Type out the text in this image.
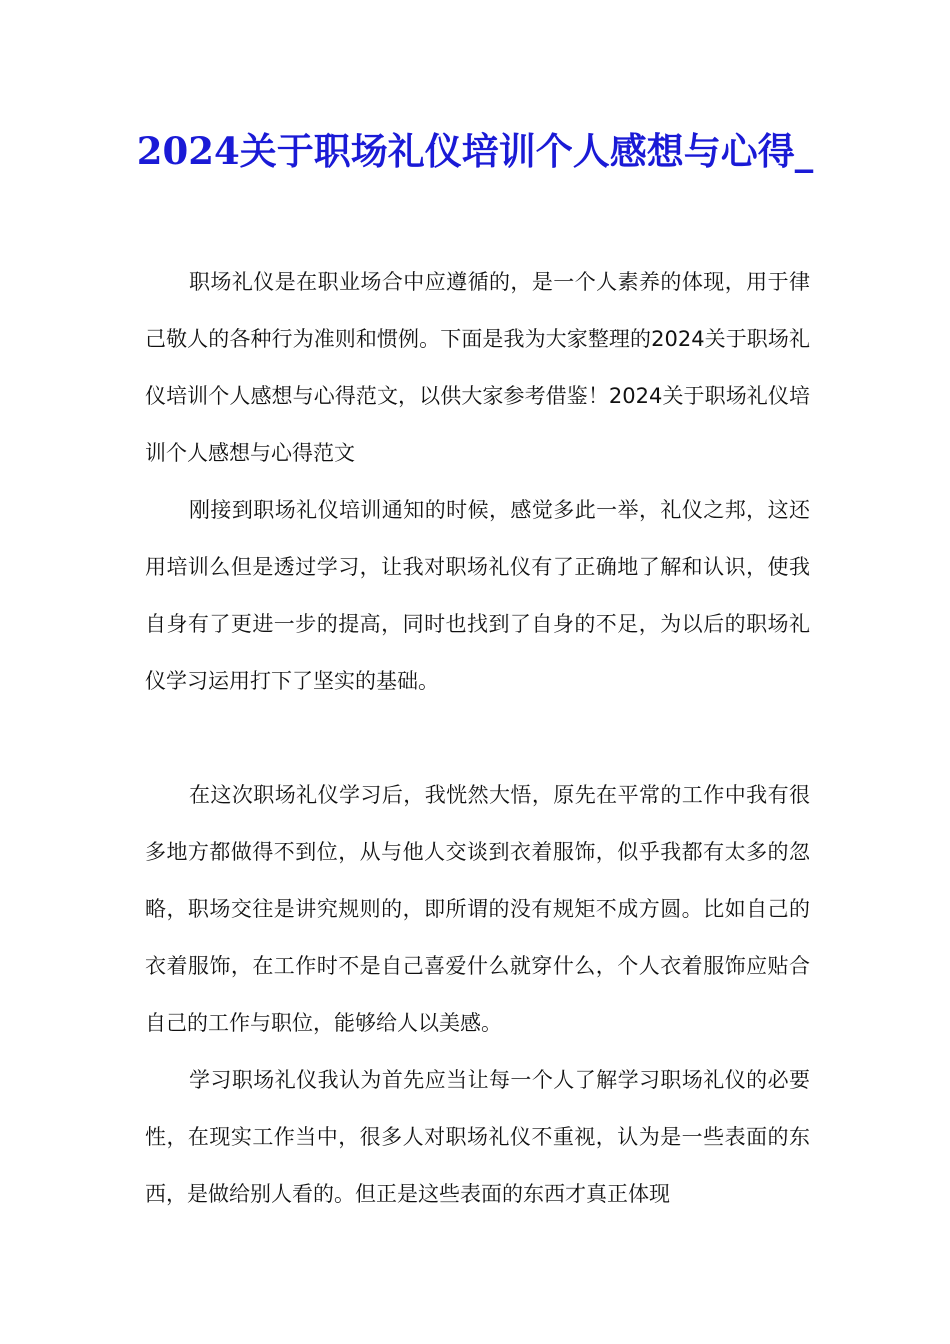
2024关于职场礼仪培训个人感想与心得_

职场礼仪是在职业场合中应遵循的，是一个人素养的体现，用于律己敬人的各种行为准则和惯例。下面是我为大家整理的2024关于职场礼仪培训个人感想与心得范文，以供大家参考借鉴！2024关于职场礼仪培训个人感想与心得范文

刚接到职场礼仪培训通知的时候，感觉多此一举，礼仪之邦，这还用培训么但是透过学习，让我对职场礼仪有了正确地了解和认识，使我自身有了更进一步的提高，同时也找到了自身的不足，为以后的职场礼仪学习运用打下了坚实的基础。

在这次职场礼仪学习后，我恍然大悟，原先在平常的工作中我有很多地方都做得不到位，从与他人交谈到衣着服饰，似乎我都有太多的忽略，职场交往是讲究规则的，即所谓的没有规矩不成方圆。比如自己的衣着服饰，在工作时不是自己喜爱什么就穿什么，个人衣着服饰应贴合自己的工作与职位，能够给人以美感。

学习职场礼仪我认为首先应当让每一个人了解学习职场礼仪的必要性，在现实工作当中，很多人对职场礼仪不重视，认为是一些表面的东西，是做给别人看的。但正是这些表面的东西才真正体现
